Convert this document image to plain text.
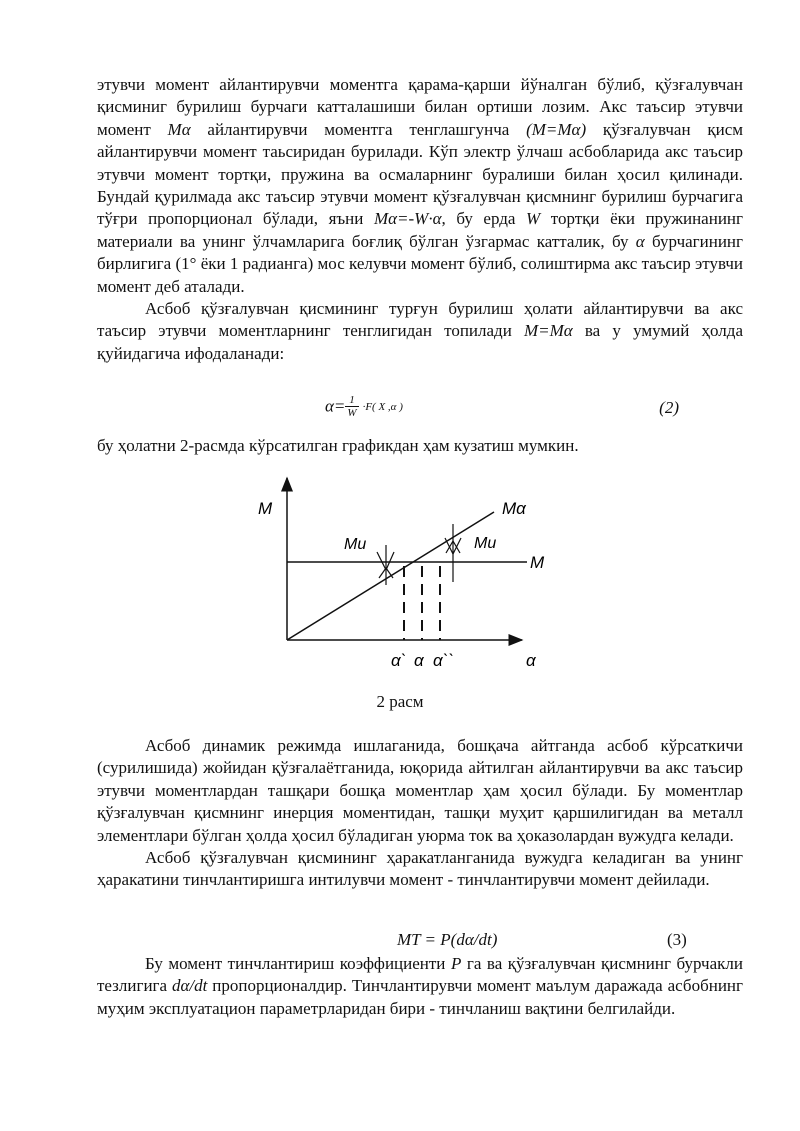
этувчи момент айлантирувчи моментга қарама-қарши йўналган бўлиб, қўзғалувчан қисминиг бурилиш бурчаги катталашиши билан ортиши лозим. Акс таъсир этувчи момент Mα айлантирувчи моментга тенглашгунча (M=Mα) қўзғалувчан қисм айлантирувчи момент таьсиридан бурилади. Кўп электр ўлчаш асбобларида акс таъсир этувчи момент тортқи, пружина ва осмаларнинг буралиши билан ҳосил қилинади. Бундай қурилмада акс таъсир этувчи момент қўзғалувчан қисмнинг бурилиш бурчагига тўғри пропорционал бўлади, яъни Mα=-W·α, бу ерда W тортқи ёки пружинанинг материали ва унинг ўлчамларига боғлиқ бўлган ўзгармас катталик, бу α бурчагининг бирлигига (1° ёки 1 радианга) мос келувчи момент бўлиб, солиштирма акс таъсир этувчи момент деб аталади.

Асбоб қўзғалувчан қисмининг турғун бурилиш ҳолати айлантирувчи ва акс таъсир этувчи моментларнинг тенглигидан топилади M=Mα ва у умумий ҳолда қуйидагича ифодаланади:

$\alpha= \frac{1}{W} \cdot F$( X ,α )	(2)

бу ҳолатни 2-расмда кўрсатилган графикдан ҳам кузатиш мумкин.

M	Mα
Mu	Mu
M
α` α α``	α
2 расм

Асбоб динамик режимда ишлаганида, бошқача айтганда асбоб кўрсаткичи (сурилишида) жойидан қўзғалаётганида, юқорида айтилган айлантирувчи ва акс таъсир этувчи моментлардан ташқари бошқа моментлар ҳам ҳосил бўлади. Бу моментлар қўзғалувчан қисмнинг инерция моментидан, ташқи муҳит қаршилигидан ва металл элементлари бўлган ҳолда ҳосил бўладиган уюрма ток ва ҳоказолардан вужудга келади.

Асбоб қўзғалувчан қисмининг ҳаракатланганида вужудга келадиган ва унинг ҳаракатини тинчлантиришга интилувчи момент - тинчлантирувчи момент дейилади.

MT = P(dα/dt)	(3)

Бу момент тинчлантириш коэффициенти P га ва қўзғалувчан қисмнинг бурчакли тезлигига dα/dt пропорционалдир. Тинчлантирувчи момент маълум даражада асбобнинг муҳим эксплуатацион параметрларидан бири - тинчланиш вақтини белгилайди.
